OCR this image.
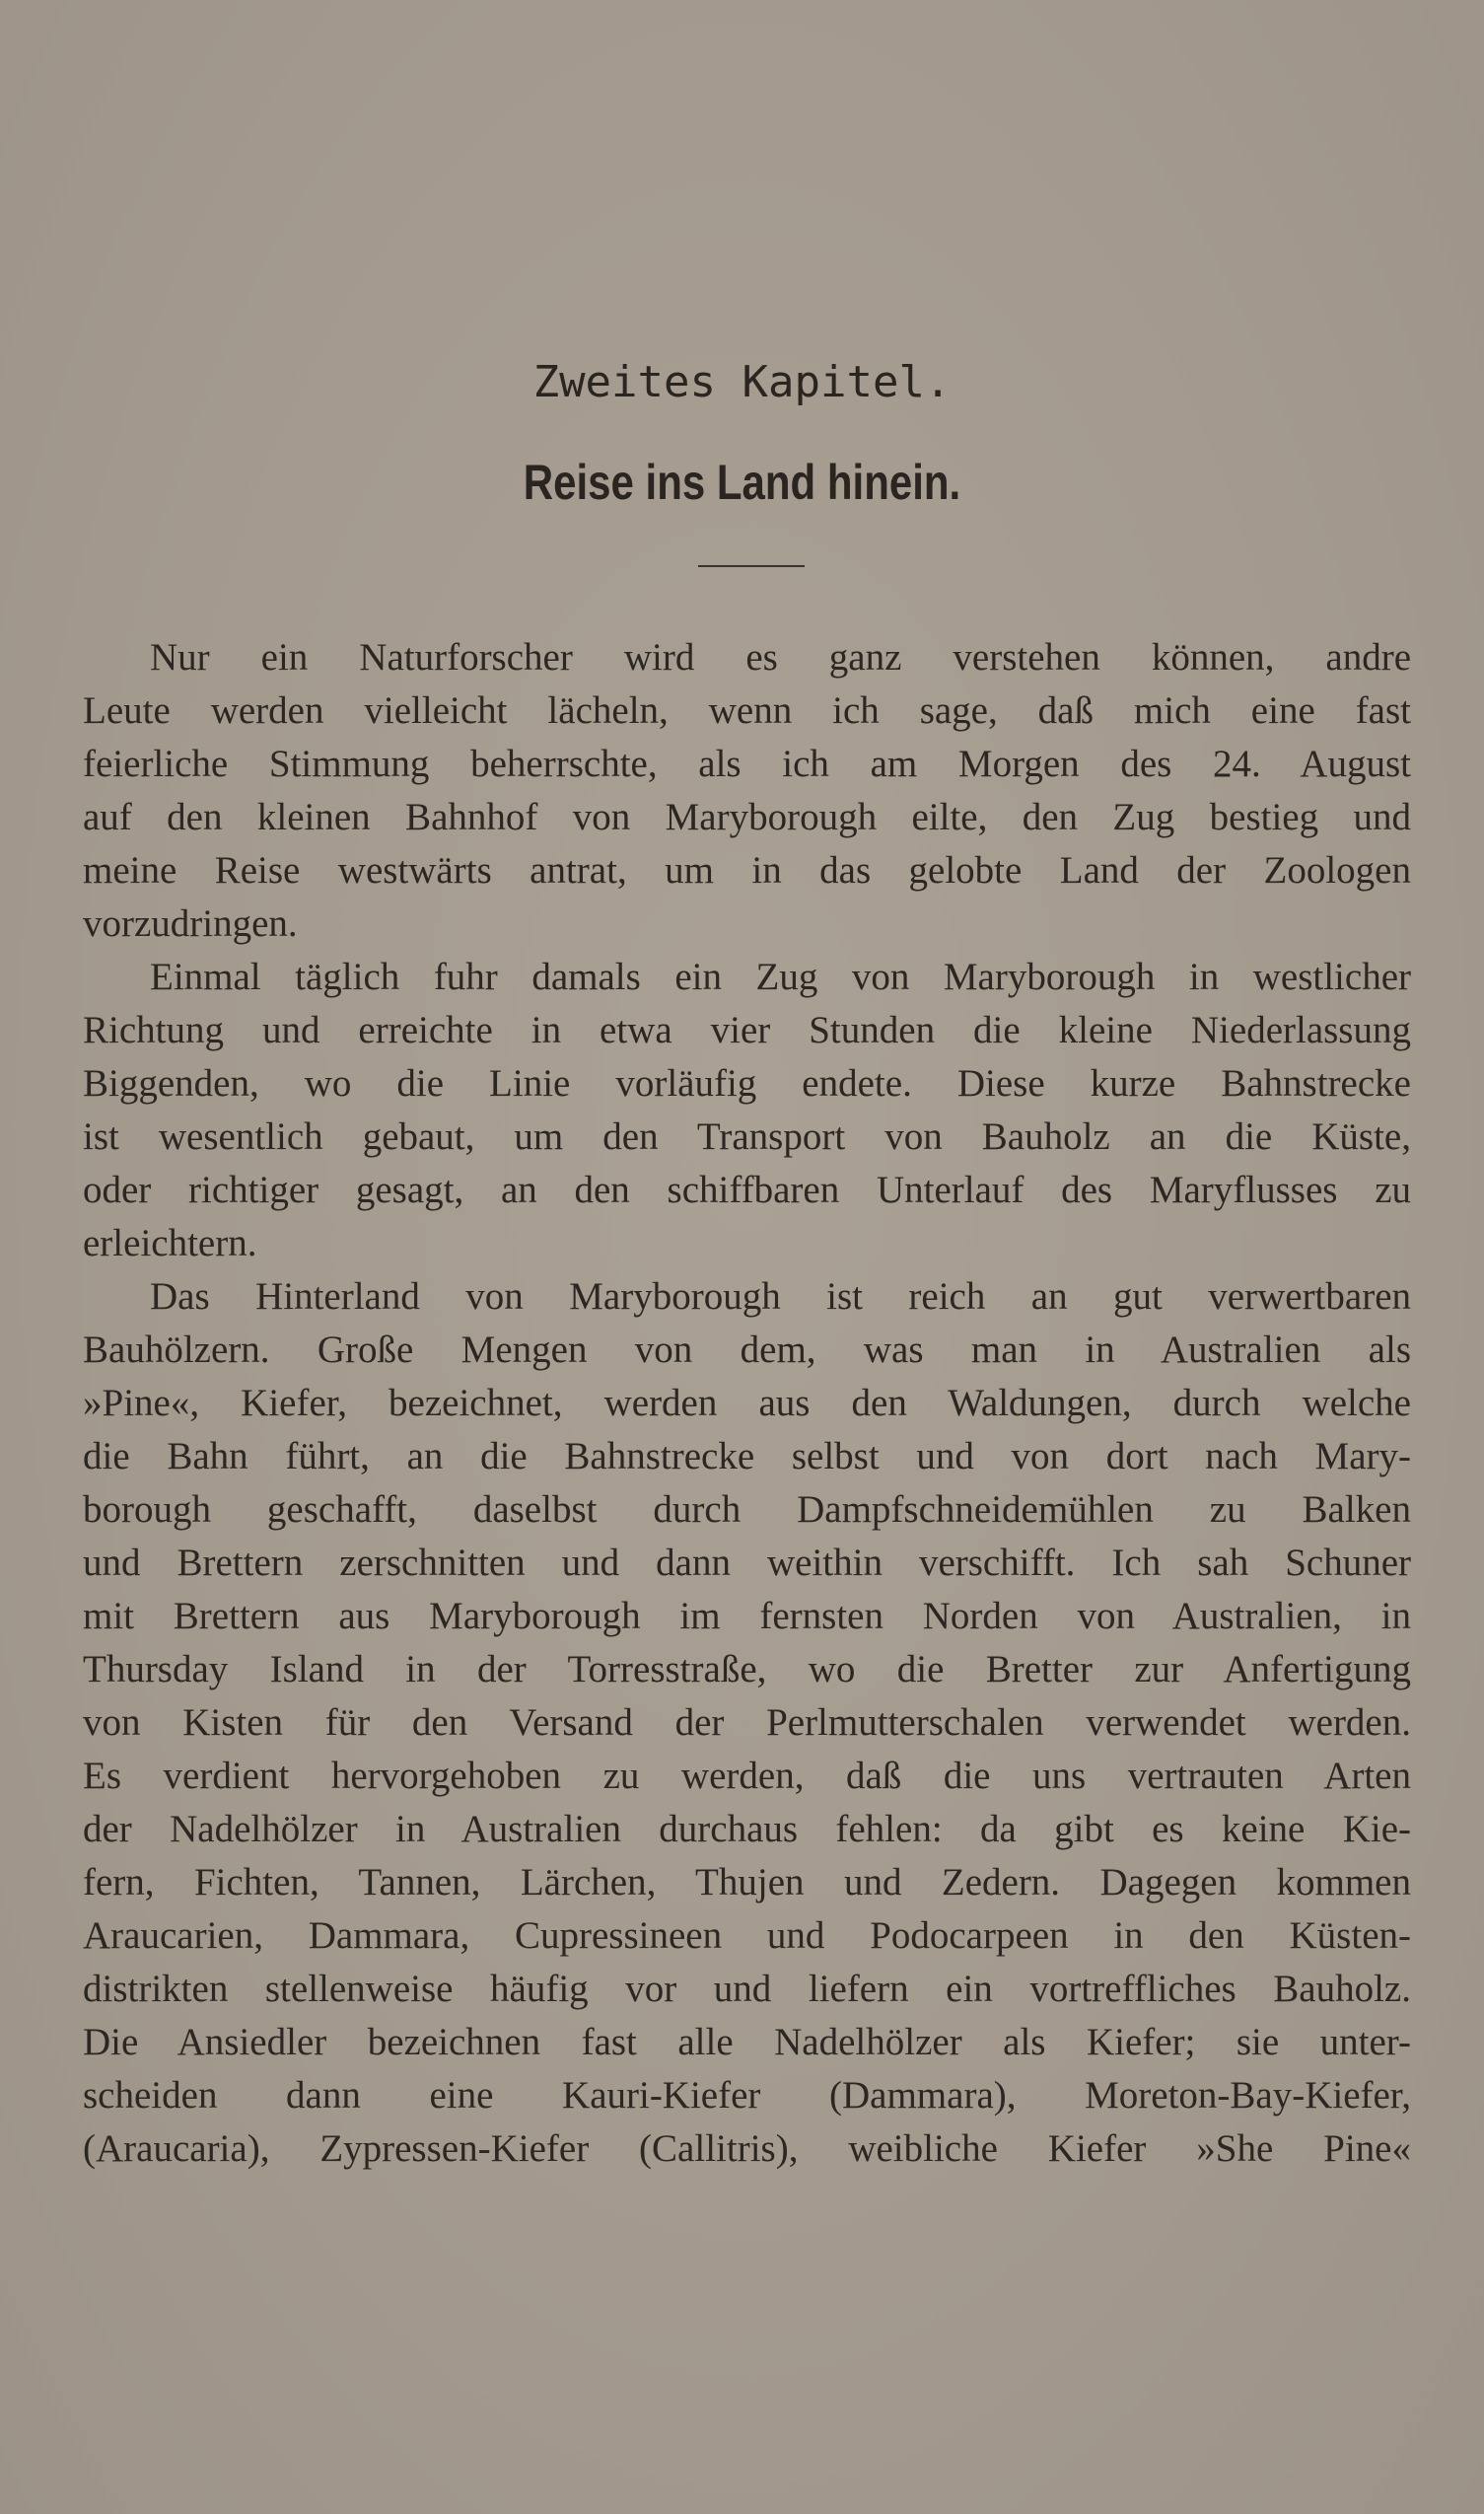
Zweites Kapitel.
Reise ins Land hinein.
Nur ein Naturforscher wird es ganz verstehen können, andre
Leute werden vielleicht lächeln, wenn ich sage, daß mich eine fast
feierliche Stimmung beherrschte, als ich am Morgen des 24. August
auf den kleinen Bahnhof von Maryborough eilte, den Zug bestieg und
meine Reise westwärts antrat, um in das gelobte Land der Zoologen
vorzudringen.
Einmal täglich fuhr damals ein Zug von Maryborough in westlicher
Richtung und erreichte in etwa vier Stunden die kleine Niederlassung
Biggenden, wo die Linie vorläufig endete. Diese kurze Bahnstrecke
ist wesentlich gebaut, um den Transport von Bauholz an die Küste,
oder richtiger gesagt, an den schiffbaren Unterlauf des Maryflusses zu
erleichtern.
Das Hinterland von Maryborough ist reich an gut verwertbaren
Bauhölzern. Große Mengen von dem, was man in Australien als
»Pine«, Kiefer, bezeichnet, werden aus den Waldungen, durch welche
die Bahn führt, an die Bahnstrecke selbst und von dort nach Mary-
borough geschafft, daselbst durch Dampfschneidemühlen zu Balken
und Brettern zerschnitten und dann weithin verschifft. Ich sah Schuner
mit Brettern aus Maryborough im fernsten Norden von Australien, in
Thursday Island in der Torresstraße, wo die Bretter zur Anfertigung
von Kisten für den Versand der Perlmutterschalen verwendet werden.
Es verdient hervorgehoben zu werden, daß die uns vertrauten Arten
der Nadelhölzer in Australien durchaus fehlen: da gibt es keine Kie-
fern, Fichten, Tannen, Lärchen, Thujen und Zedern. Dagegen kommen
Araucarien, Dammara, Cupressineen und Podocarpeen in den Küsten-
distrikten stellenweise häufig vor und liefern ein vortreffliches Bauholz.
Die Ansiedler bezeichnen fast alle Nadelhölzer als Kiefer; sie unter-
scheiden dann eine Kauri-Kiefer (Dammara), Moreton-Bay-Kiefer,
(Araucaria), Zypressen-Kiefer (Callitris), weibliche Kiefer »She Pine«
